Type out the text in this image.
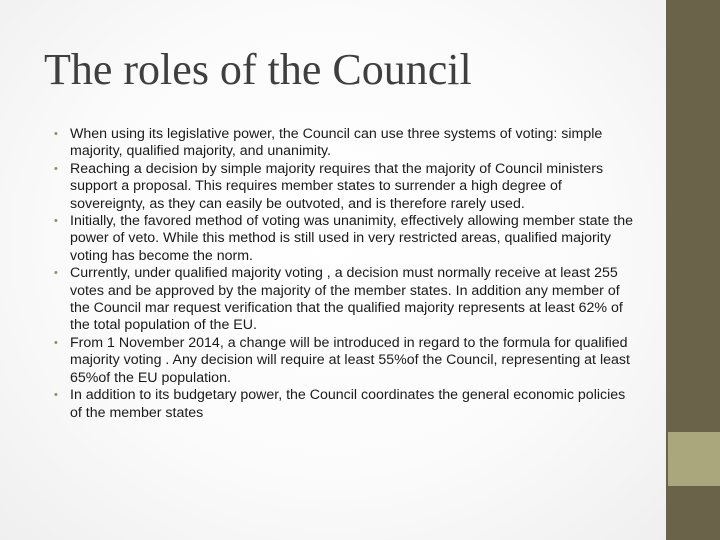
The roles of the Council
• When using its legislative power, the Council can use three systems of voting: simple majority, qualified majority, and unanimity.
• Reaching a decision by simple majority requires that the majority of Council ministers support a proposal. This requires member states to surrender a high degree of sovereignty, as they can easily be outvoted, and is therefore rarely used.
• Initially, the favored method of voting was unanimity, effectively allowing member state the power of veto. While this method is still used in very restricted areas, qualified majority voting has become the norm.
• Currently, under qualified majority voting , a decision must normally receive at least 255 votes and be approved by the majority of the member states. In addition any member of the Council mar request verification that the qualified majority represents at least 62% of the total population of the EU.
• From 1 November 2014, a change will be introduced in regard to the formula for qualified majority voting . Any decision will require at least 55%of the Council, representing at least 65%of the EU population.
• In addition to its budgetary power, the Council coordinates the general economic policies of the member states
